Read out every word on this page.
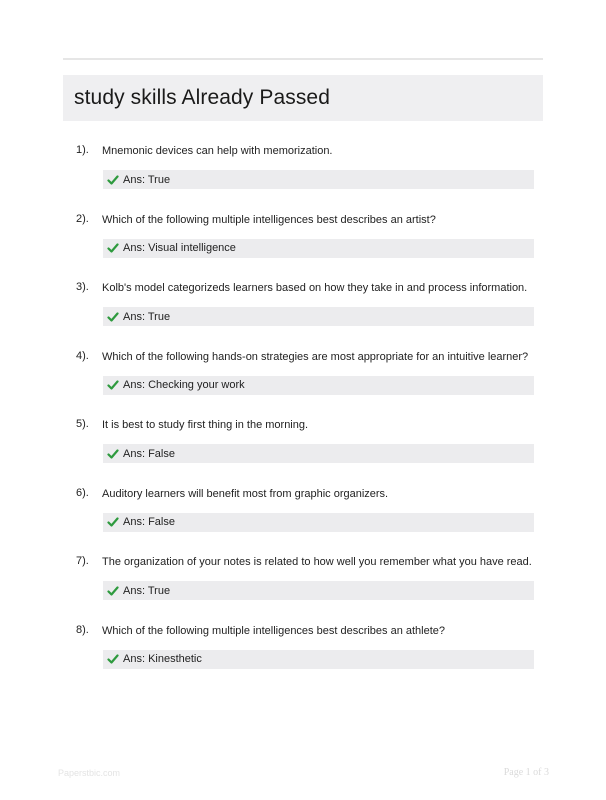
study skills Already Passed
1). Mnemonic devices can help with memorization.
Ans: True
2). Which of the following multiple intelligences best describes an artist?
Ans: Visual intelligence
3). Kolb's model categorizeds learners based on how they take in and process information.
Ans: True
4). Which of the following hands-on strategies are most appropriate for an intuitive learner?
Ans: Checking your work
5). It is best to study first thing in the morning.
Ans: False
6). Auditory learners will benefit most from graphic organizers.
Ans: False
7). The organization of your notes is related to how well you remember what you have read.
Ans: True
8). Which of the following multiple intelligences best describes an athlete?
Ans: Kinesthetic
Paperstbic.com	Page 1 of 3
